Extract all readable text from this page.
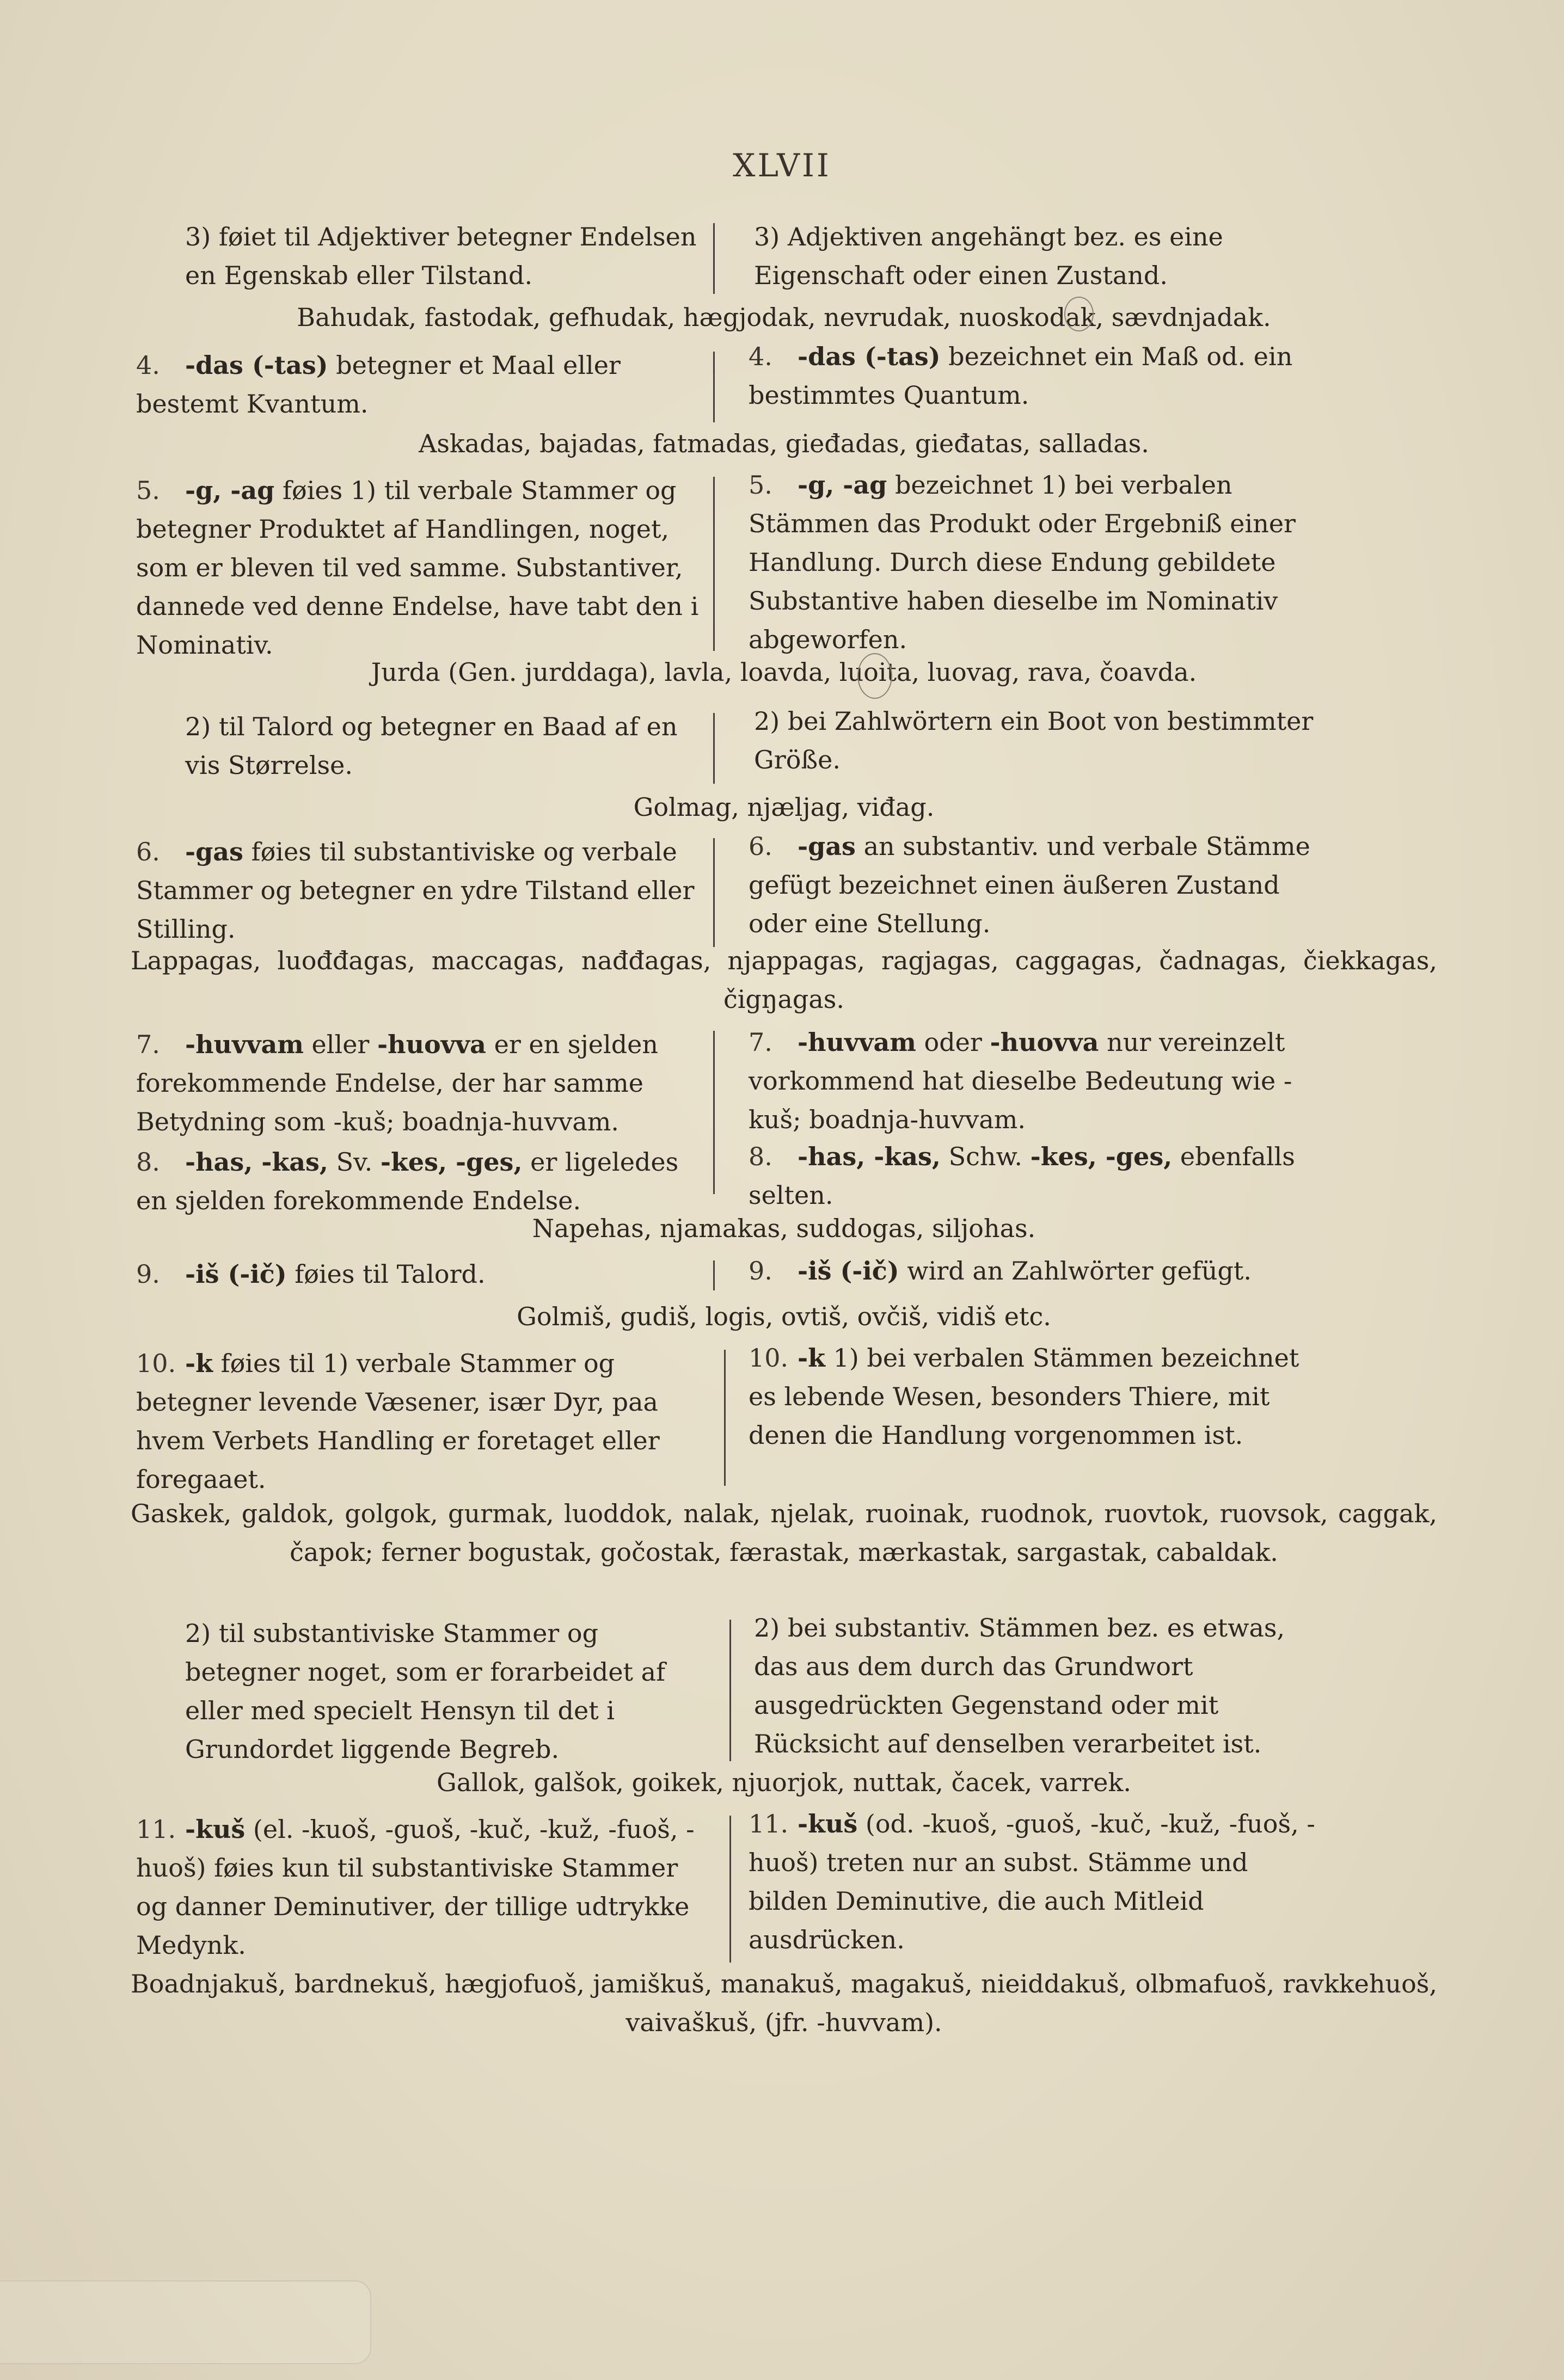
XLVII
3) føiet til Adjektiver betegner Endelsen en Egenskab eller Tilstand.
3) Adjektiven angehängt bez. es eine Eigenschaft oder einen Zustand.
Bahudak, fastodak, gefhudak, hægjodak, nevrudak, nuoskodak, sævdnjadak.
4. -das (-tas) betegner et Maal eller bestemt Kvantum.
4. -das (-tas) bezeichnet ein Maß od. ein bestimmtes Quantum.
Askadas, bajadas, fatmadas, gieđadas, gieđatas, salladas.
5. -g, -ag føies 1) til verbale Stammer og betegner Produktet af Handlingen, noget, som er bleven til ved samme. Substantiver, dannede ved denne Endelse, have tabt den i Nominativ.
5. -g, -ag bezeichnet 1) bei verbalen Stämmen das Produkt oder Ergebniß einer Handlung. Durch diese Endung gebildete Substantive haben dieselbe im Nominativ abgeworfen.
Jurda (Gen. jurddaga), lavla, loavda, luoita, luovag, rava, čoavda.
2) til Talord og betegner en Baad af en vis Størrelse.
2) bei Zahlwörtern ein Boot von bestimmter Größe.
Golmag, njæljag, viđag.
6. -gas føies til substantiviske og verbale Stammer og betegner en ydre Tilstand eller Stilling.
6. -gas an substantiv. und verbale Stämme gefügt bezeichnet einen äußeren Zustand oder eine Stellung.
Lappagas, luođđagas, maccagas, nađđagas, njappagas, ragjagas, caggagas, čadnagas, čiekkagas, čigŋagas.
7. -huvvam eller -huovva er en sjelden forekommende Endelse, der har samme Betydning som -kuš; boadnja-huvvam.
7. -huvvam oder -huovva nur vereinzelt vorkommend hat dieselbe Bedeutung wie -kuš; boadnja-huvvam.
8. -has, -kas, Sv. -kes, -ges, er ligeledes en sjelden forekommende Endelse.
8. -has, -kas, Schw. -kes, -ges, ebenfalls selten.
Napehas, njamakas, suddogas, siljohas.
9. -iš (-ič) føies til Talord.	9. -iš (-ič) wird an Zahlwörter gefügt.
Golmiš, gudiš, logis, ovtiš, ovčiš, vidiš etc.
10. -k føies til 1) verbale Stammer og betegner levende Væsener, især Dyr, paa hvem Verbets Handling er foretaget eller foregaaet.
10. -k 1) bei verbalen Stämmen bezeichnet es lebende Wesen, besonders Thiere, mit denen die Handlung vorgenommen ist.
Gaskek, galdok, golgok, gurmak, luoddok, nalak, njelak, ruoinak, ruodnok, ruovtok, ruovsok, caggak, čapok; ferner bogustak, gočostak, færastak, mærkastak, sargastak, cabaldak.
2) til substantiviske Stammer og betegner noget, som er forarbeidet af eller med specielt Hensyn til det i Grundordet liggende Begreb.
2) bei substantiv. Stämmen bez. es etwas, das aus dem durch das Grundwort ausgedrückten Gegenstand oder mit Rücksicht auf denselben verarbeitet ist.
Gallok, galšok, goikek, njuorjok, nuttak, čacek, varrek.
11. -kuš (el. -kuoš, -guoš, -kuč, -kuž, -fuoš, -huoš) føies kun til substantiviske Stammer og danner Deminutiver, der tillige udtrykke Medynk.
11. -kuš (od. -kuoš, -guoš, -kuč, -kuž, -fuoš, -huoš) treten nur an subst. Stämme und bilden Deminutive, die auch Mitleid ausdrücken.
Boadnjakuš, bardnekuš, hægjofuoš, jamiškuš, manakuš, magakuš, nieiddakuš, olbmafuoš, ravkkehuoš, vaivaškuš, (jfr. -huvvam).
